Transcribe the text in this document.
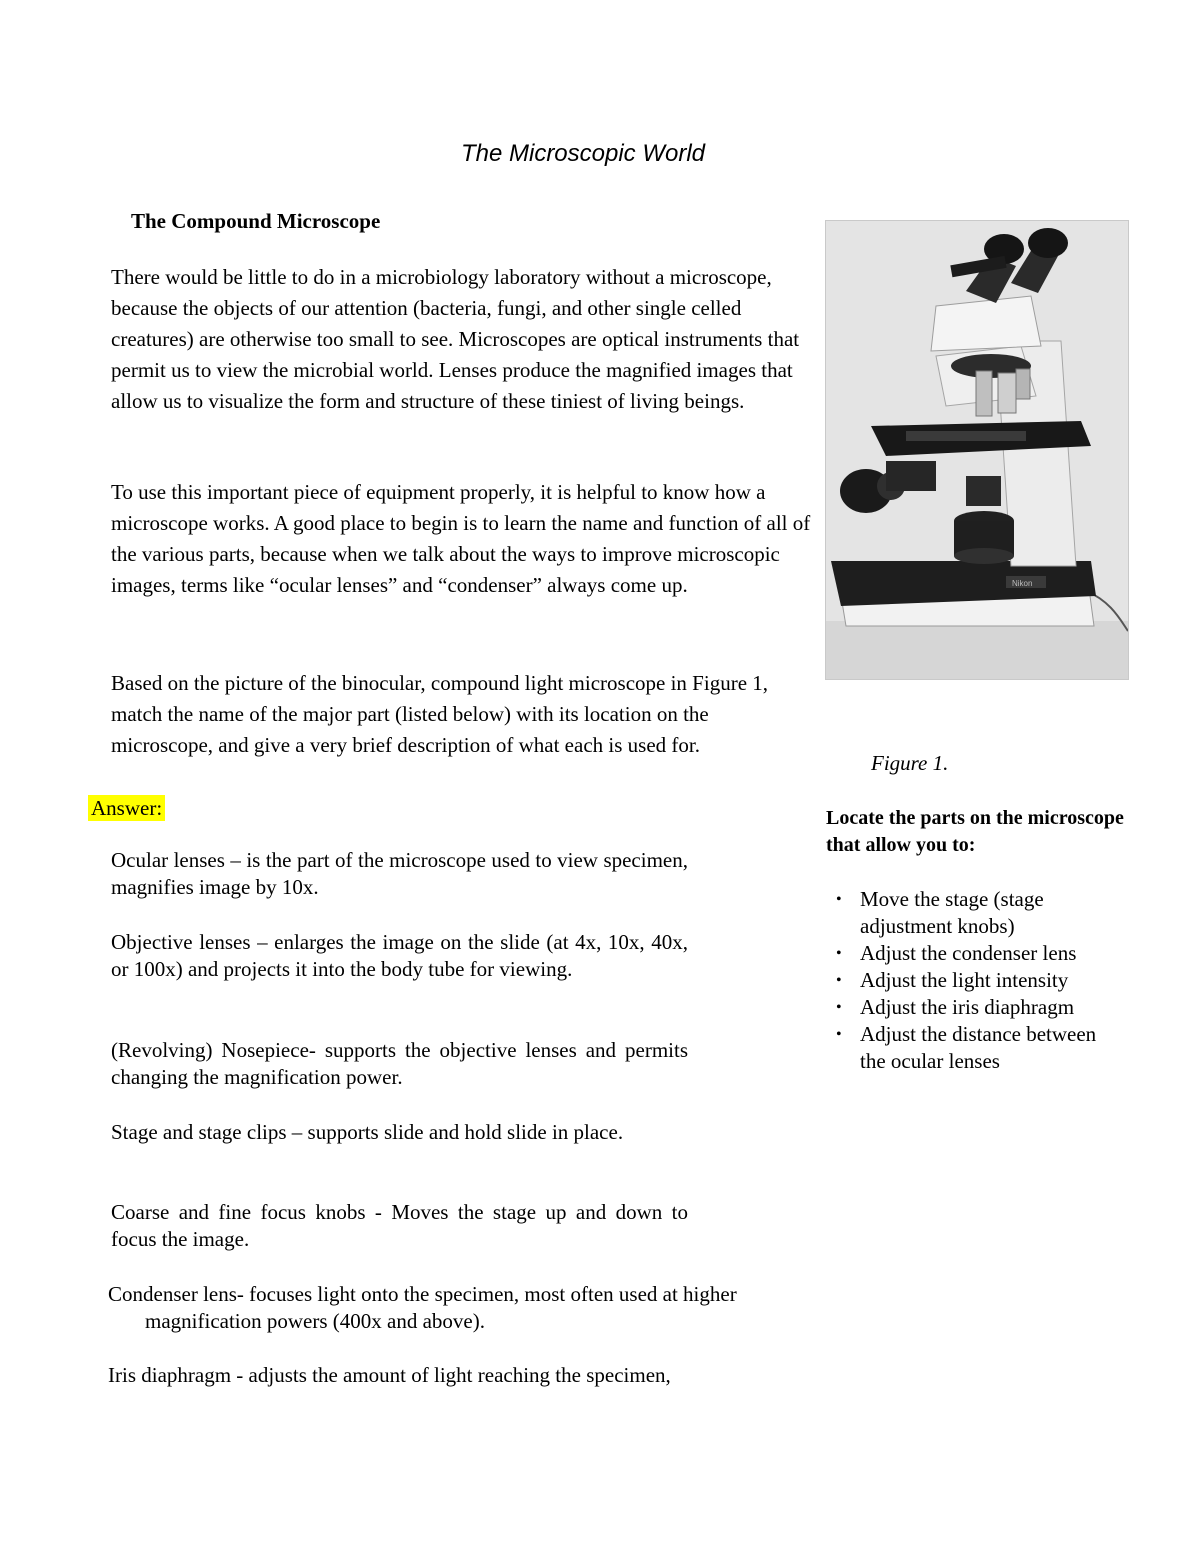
The Microscopic World
The Compound Microscope

There would be little to do in a microbiology laboratory without a microscope, because the objects of our attention (bacteria, fungi, and other single celled creatures) are otherwise too small to see. Microscopes are optical instruments that permit us to view the microbial world. Lenses produce the magnified images that allow us to visualize the form and structure of these tiniest of living beings.

To use this important piece of equipment properly, it is helpful to know how a microscope works. A good place to begin is to learn the name and function of all of the various parts, because when we talk about the ways to improve microscopic images, terms like “ocular lenses” and “condenser” always come up.

Based on the picture of the binocular, compound light microscope in Figure 1, match the name of the major part (listed below) with its location on the microscope, and give a very brief description of what each is used for.

Answer:

Ocular lenses – is the part of the microscope used to view specimen, magnifies image by 10x.

Objective lenses – enlarges the image on the slide (at 4x, 10x, 40x, or 100x) and projects it into the body tube for viewing.

(Revolving) Nosepiece- supports the objective lenses and permits changing the magnification power.

Stage and stage clips – supports slide and hold slide in place.

Coarse and fine focus knobs - Moves the stage up and down to focus the image.

Condenser lens- focuses light onto the specimen, most often used at higher magnification powers (400x and above).

Iris diaphragm - adjusts the amount of light reaching the specimen,

Nikon

Figure 1.

Locate the parts on the microscope that allow you to:

• Move the stage (stage adjustment knobs)
• Adjust the condenser lens
• Adjust the light intensity
• Adjust the iris diaphragm
• Adjust the distance between the ocular lenses
